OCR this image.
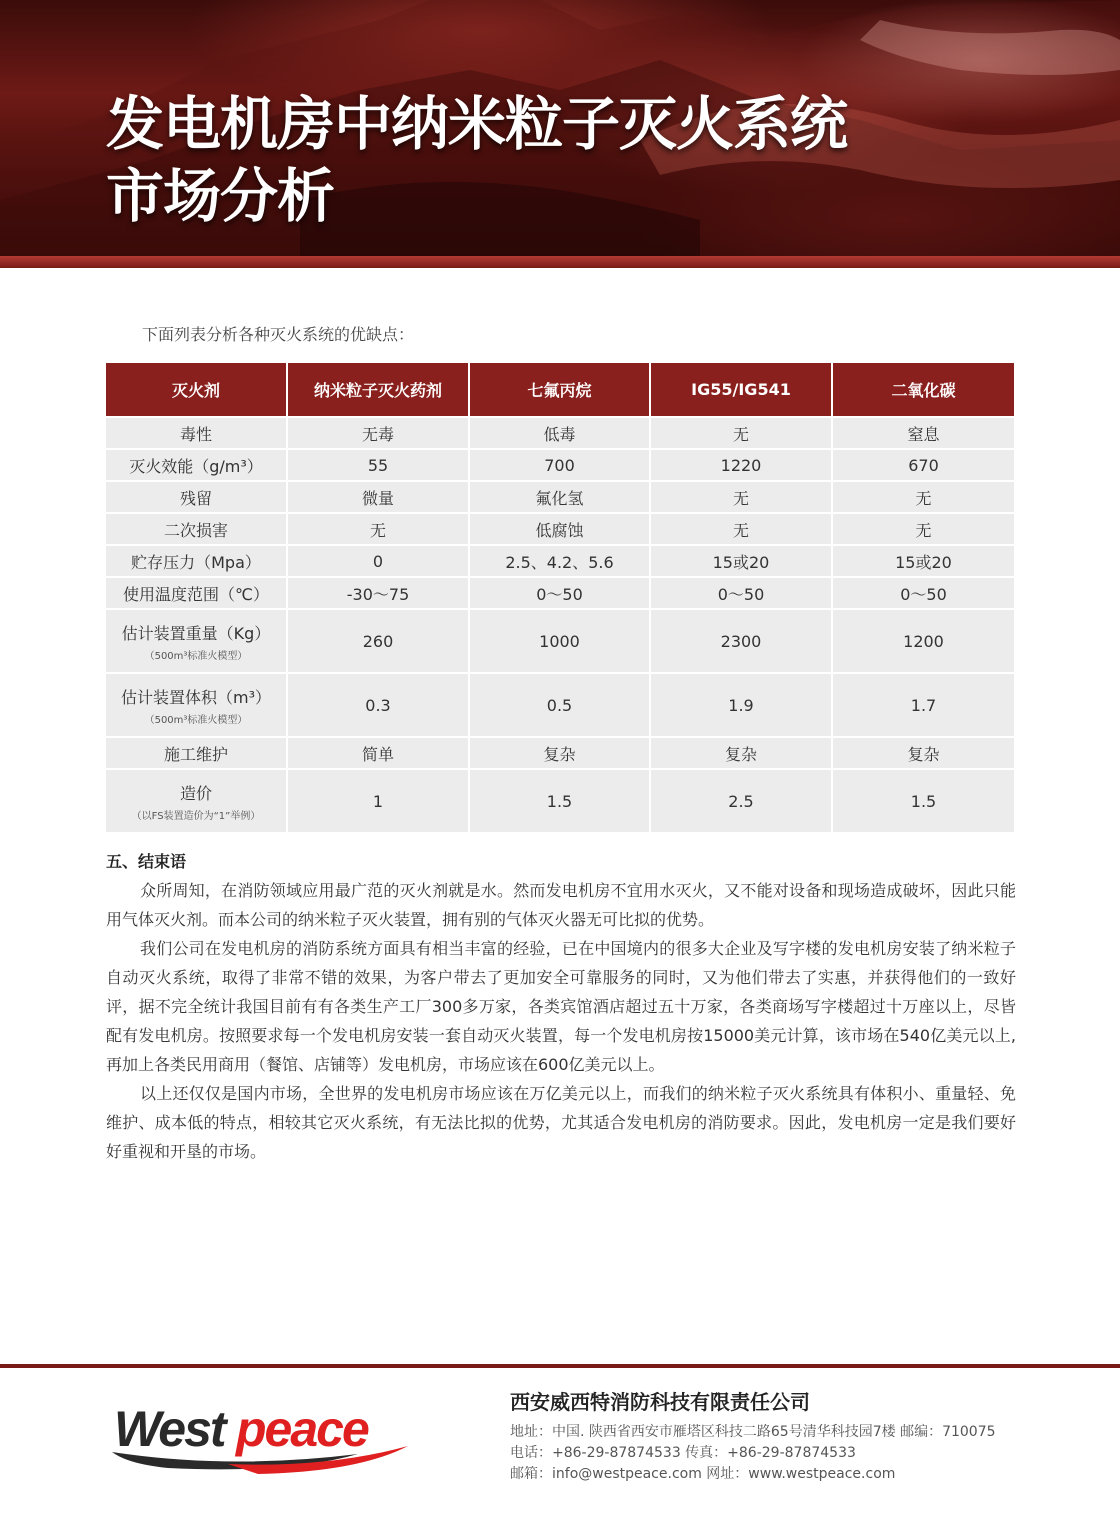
发电机房中纳米粒子灭火系统
市场分析

下面列表分析各种灭火系统的优缺点：

灭火剂	纳米粒子灭火药剂	七氟丙烷	IG55/IG541	二氧化碳

毒性	无毒	低毒	无	窒息

灭火效能（g/m³）	55	700	1220	670

残留	微量	氟化氢	无	无

二次损害	无	低腐蚀	无	无

贮存压力（Mpa）	0	2.5、4.2、5.6	15或20	15或20

使用温度范围（℃）	-30～75	0～50	0～50	0～50

估计装置重量（Kg）
（500m³标准火模型）	260	1000	2300	1200

估计装置体积（m³）
（500m³标准火模型）	0.3	0.5	1.9	1.7

施工维护	简单	复杂	复杂	复杂

造价
（以FS装置造价为“1”举例）	1	1.5	2.5	1.5
五、结束语

众所周知，在消防领域应用最广范的灭火剂就是水。然而发电机房不宜用水灭火，又不能对设备和现场造成破坏，因此只能用气体灭火剂。而本公司的纳米粒子灭火装置，拥有别的气体灭火器无可比拟的优势。

我们公司在发电机房的消防系统方面具有相当丰富的经验，已在中国境内的很多大企业及写字楼的发电机房安装了纳米粒子自动灭火系统，取得了非常不错的效果，为客户带去了更加安全可靠服务的同时，又为他们带去了实惠，并获得他们的一致好评，据不完全统计我国目前有有各类生产工厂300多万家，各类宾馆酒店超过五十万家，各类商场写字楼超过十万座以上，尽皆配有发电机房。按照要求每一个发电机房安装一套自动灭火装置，每一个发电机房按15000美元计算，该市场在540亿美元以上,再加上各类民用商用（餐馆、店铺等）发电机房，市场应该在600亿美元以上。

以上还仅仅是国内市场，全世界的发电机房市场应该在万亿美元以上，而我们的纳米粒子灭火系统具有体积小、重量轻、免维护、成本低的特点，相较其它灭火系统，有无法比拟的优势，尤其适合发电机房的消防要求。因此，发电机房一定是我们要好好重视和开垦的市场。

West peace	西安威西特消防科技有限责任公司
地址：中国. 陕西省西安市雁塔区科技二路65号清华科技园7楼 邮编：710075
电话：+86-29-87874533 传真：+86-29-87874533
邮箱：info@westpeace.com 网址：www.westpeace.com
